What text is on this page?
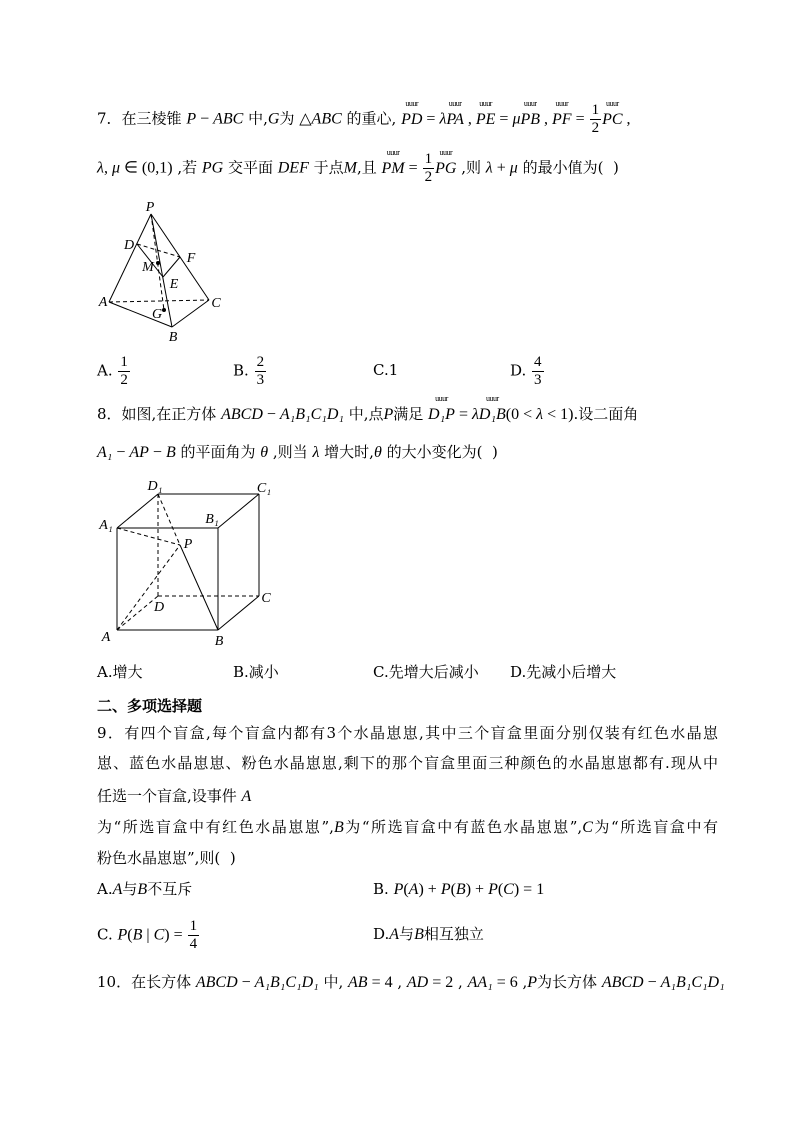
7．在三棱锥 P − ABC 中,G为 △ABC 的重心,
uuur
PD = λ
uuur
PA ,
uuur
PE = μ
uuur
PB ,
uuur
PF = $\frac{1}{2}$ uuur
PC ,
λ, μ ∈ (0,1) ,若 PG 交平面 DEF 于点M,且
uuur
PM = $\frac{1}{2}$ uuur
PG ,则 λ + μ 的最小值为(  )
P
D
M
F
E
A
G
C
B
A. $\frac{1}{2}$	B. $\frac{2}{3}$	C.1	D. $\frac{4}{3}$
8．如图,在正方体 ABCD − A₁B₁C₁D₁ 中,点P满足
uuur
D₁P = λ
uuur
D₁B(0 < λ < 1).设二面角
A₁ − AP − B 的平面角为 θ ,则当 λ 增大时,θ 的大小变化为(  )
D₁	C₁
A₁	B₁
P
D
C
A	B
A.增大	B.减小	C.先增大后减小 D.先减小后增大
二、多项选择题
9．有四个盲盒,每个盲盒内都有3个水晶崽崽,其中三个盲盒里面分别仅装有红色水晶崽
崽、蓝色水晶崽崽、粉色水晶崽崽,剩下的那个盲盒里面三种颜色的水晶崽崽都有.现从中
任选一个盲盒,设事件 A
为“所选盲盒中有红色水晶崽崽”,B为“所选盲盒中有蓝色水晶崽崽”,C为“所选盲盒中有
粉色水晶崽崽”,则(  )
A.A与B不互斥	B. P(A) + P(B) + P(C) = 1
C. P(B | $C) = \frac{1}{4}$	D.A与B相互独立
10．在长方体 ABCD − A₁B₁C₁D₁ 中, AB = 4 , AD = 2 , AA₁ = 6 ,P为长方体 ABCD − A₁B₁C₁D₁
